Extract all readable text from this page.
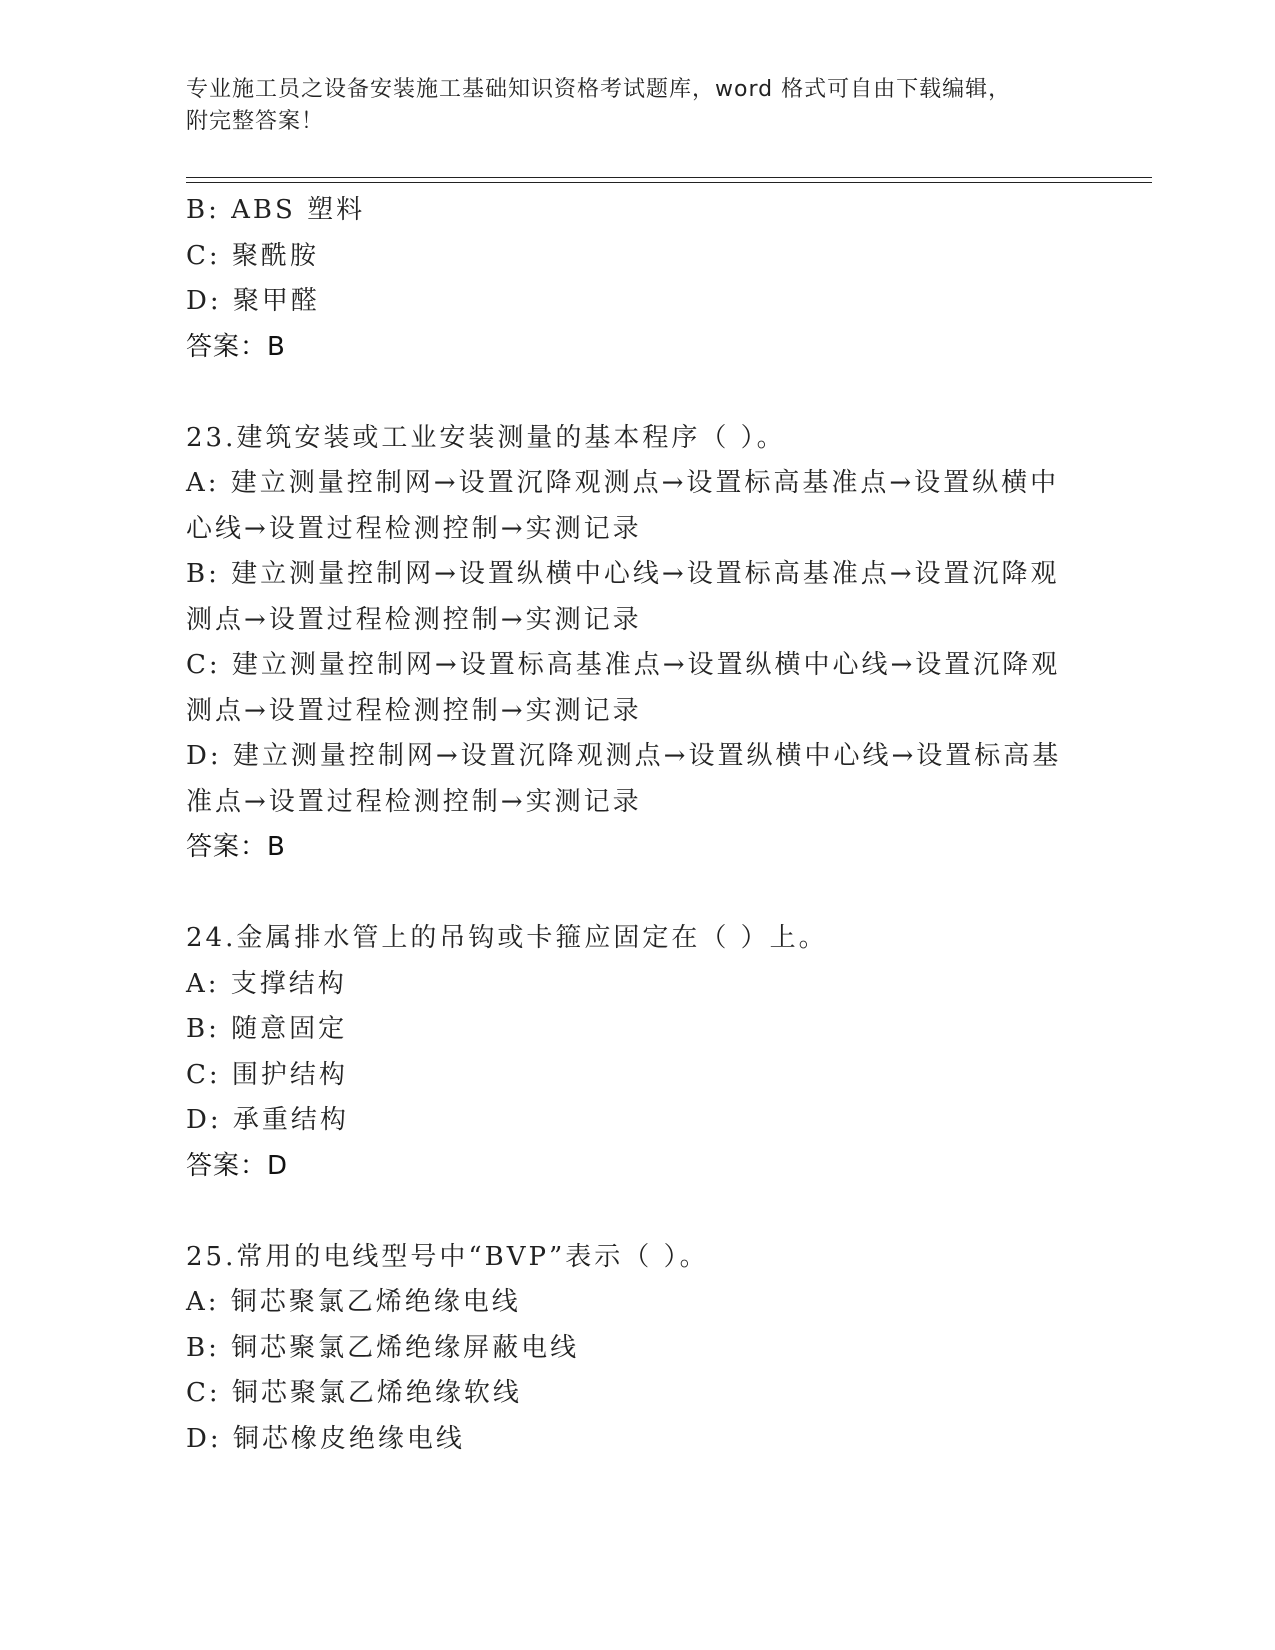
专业施工员之设备安装施工基础知识资格考试题库，word 格式可自由下载编辑，
附完整答案！
B: ABS 塑料
C: 聚酰胺
D: 聚甲醛
答案：B
23.建筑安装或工业安装测量的基本程序（ ）。
A: 建立测量控制网→设置沉降观测点→设置标高基准点→设置纵横中
心线→设置过程检测控制→实测记录
B: 建立测量控制网→设置纵横中心线→设置标高基准点→设置沉降观
测点→设置过程检测控制→实测记录
C: 建立测量控制网→设置标高基准点→设置纵横中心线→设置沉降观
测点→设置过程检测控制→实测记录
D: 建立测量控制网→设置沉降观测点→设置纵横中心线→设置标高基
准点→设置过程检测控制→实测记录
答案：B
24.金属排水管上的吊钩或卡箍应固定在（ ）上。
A: 支撑结构
B: 随意固定
C: 围护结构
D: 承重结构
答案：D
25.常用的电线型号中“BVP”表示（ ）。
A: 铜芯聚氯乙烯绝缘电线
B: 铜芯聚氯乙烯绝缘屏蔽电线
C: 铜芯聚氯乙烯绝缘软线
D: 铜芯橡皮绝缘电线
